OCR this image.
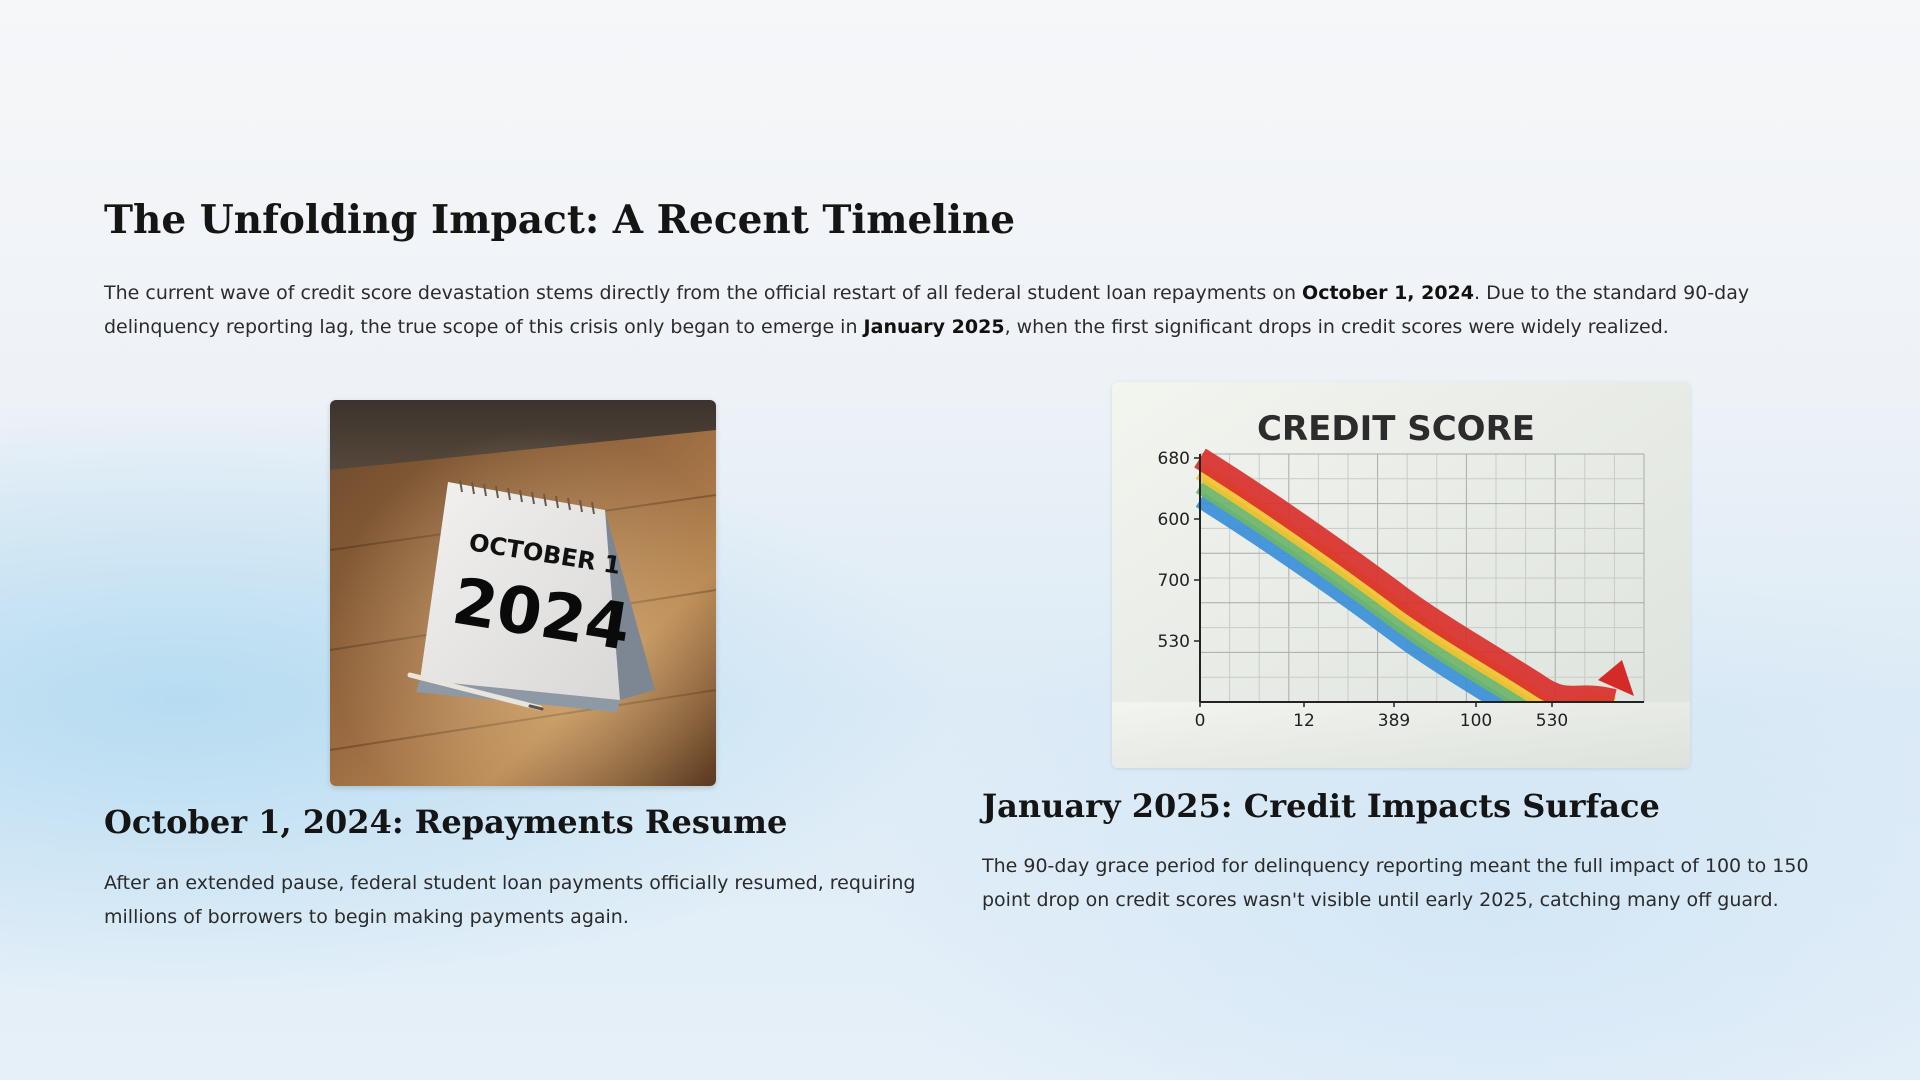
The Unfolding Impact: A Recent Timeline

The current wave of credit score devastation stems directly from the official restart of all federal student loan repayments on October 1, 2024. Due to the standard 90-day delinquency reporting lag, the true scope of this crisis only began to emerge in January 2025, when the first significant drops in credit scores were widely realized.

OCTOBER 1
2024
October 1, 2024: Repayments Resume

After an extended pause, federal student loan payments officially resumed, requiring millions of borrowers to begin making payments again.

CREDIT SCORE
680
600
700
530
0	12	389	100	530
January 2025: Credit Impacts Surface

The 90-day grace period for delinquency reporting meant the full impact of 100 to 150 point drop on credit scores wasn't visible until early 2025, catching many off guard.
